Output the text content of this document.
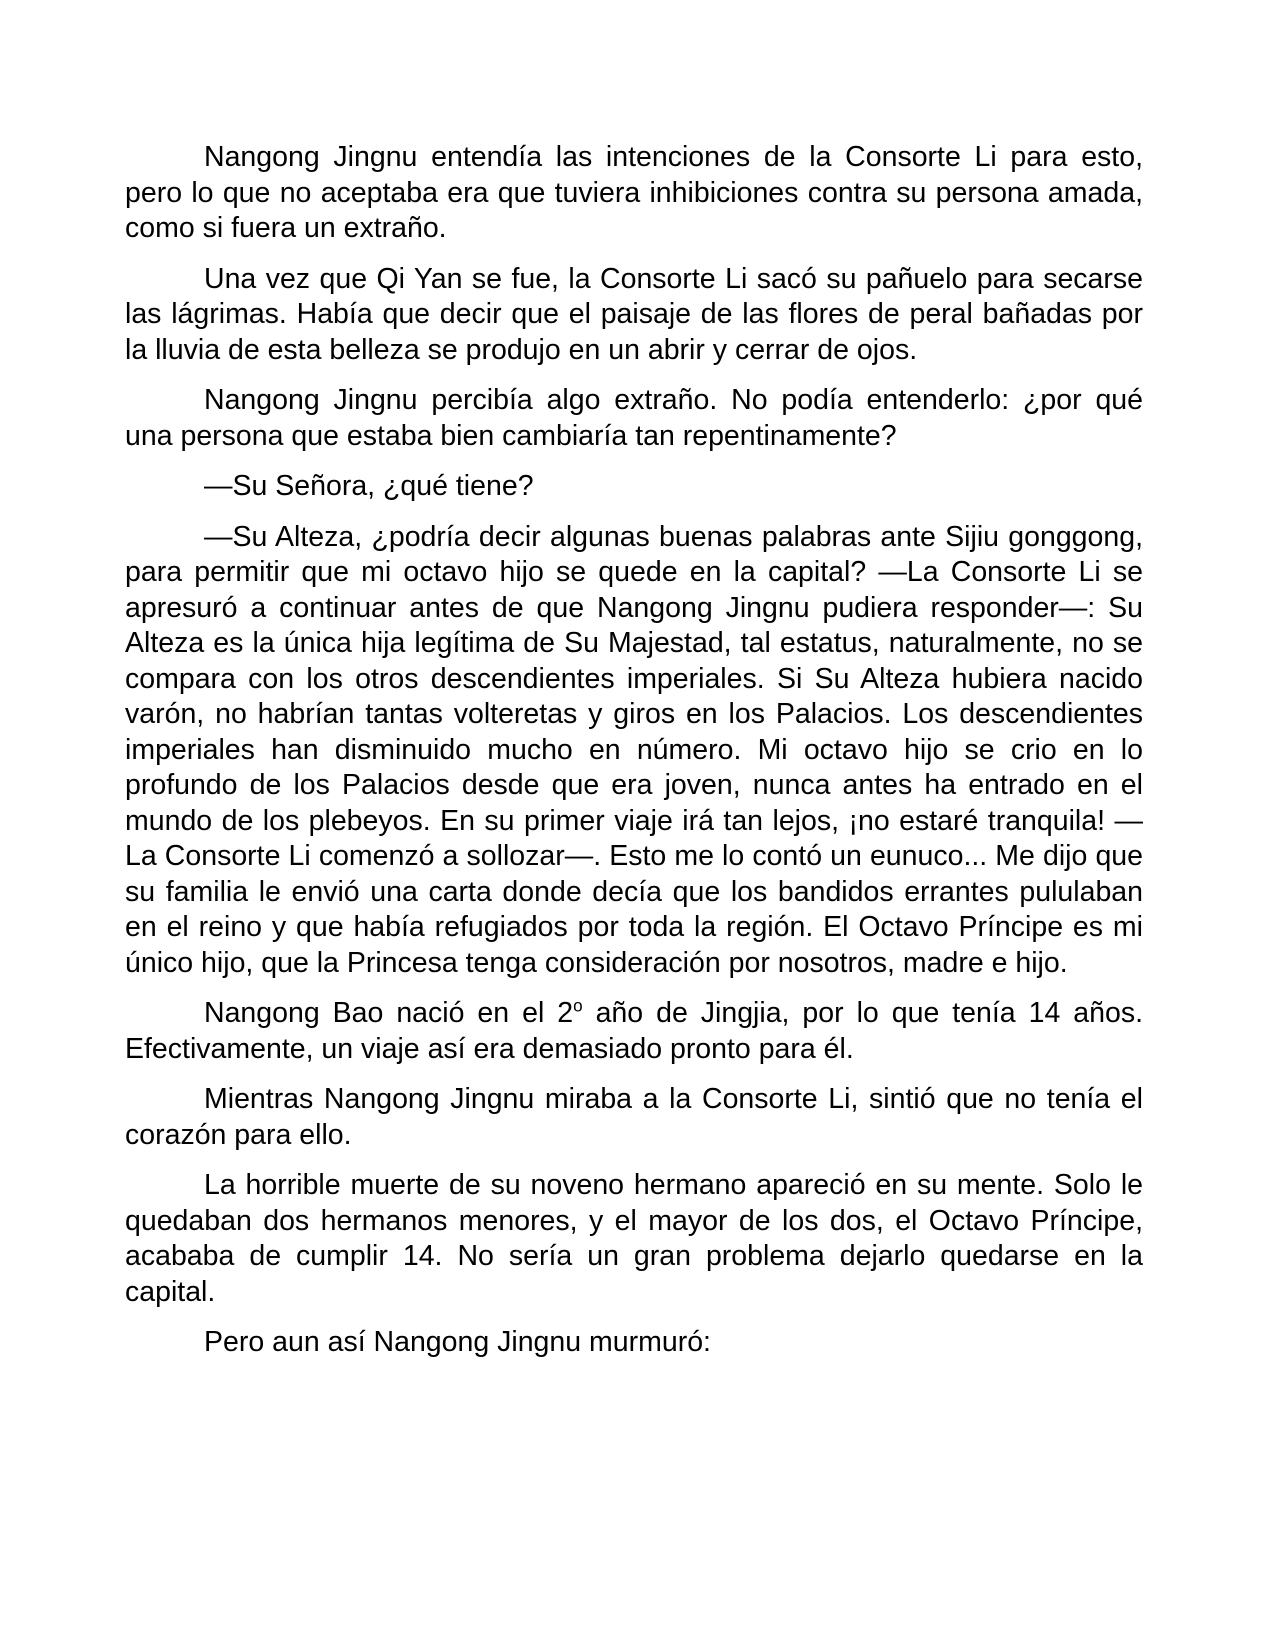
Nangong Jingnu entendía las intenciones de la Consorte Li para esto, pero lo que no aceptaba era que tuviera inhibiciones contra su persona amada, como si fuera un extraño.

Una vez que Qi Yan se fue, la Consorte Li sacó su pañuelo para secarse las lágrimas. Había que decir que el paisaje de las flores de peral bañadas por la lluvia de esta belleza se produjo en un abrir y cerrar de ojos.

Nangong Jingnu percibía algo extraño. No podía entenderlo: ¿por qué una persona que estaba bien cambiaría tan repentinamente?

—Su Señora, ¿qué tiene?

—Su Alteza, ¿podría decir algunas buenas palabras ante Sijiu gonggong, para permitir que mi octavo hijo se quede en la capital? —La Consorte Li se apresuró a continuar antes de que Nangong Jingnu pudiera responder—: Su Alteza es la única hija legítima de Su Majestad, tal estatus, naturalmente, no se compara con los otros descendientes imperiales. Si Su Alteza hubiera nacido varón, no habrían tantas volteretas y giros en los Palacios. Los descendientes imperiales han disminuido mucho en número. Mi octavo hijo se crio en lo profundo de los Palacios desde que era joven, nunca antes ha entrado en el mundo de los plebeyos. En su primer viaje irá tan lejos, ¡no estaré tranquila! —La Consorte Li comenzó a sollozar—. Esto me lo contó un eunuco... Me dijo que su familia le envió una carta donde decía que los bandidos errantes pululaban en el reino y que había refugiados por toda la región. El Octavo Príncipe es mi único hijo, que la Princesa tenga consideración por nosotros, madre e hijo.

Nangong Bao nació en el 2$^o$ año de Jingjia, por lo que tenía 14 años. Efectivamente, un viaje así era demasiado pronto para él.

Mientras Nangong Jingnu miraba a la Consorte Li, sintió que no tenía el corazón para ello.

La horrible muerte de su noveno hermano apareció en su mente. Solo le quedaban dos hermanos menores, y el mayor de los dos, el Octavo Príncipe, acababa de cumplir 14. No sería un gran problema dejarlo quedarse en la capital.

Pero aun así Nangong Jingnu murmuró:
